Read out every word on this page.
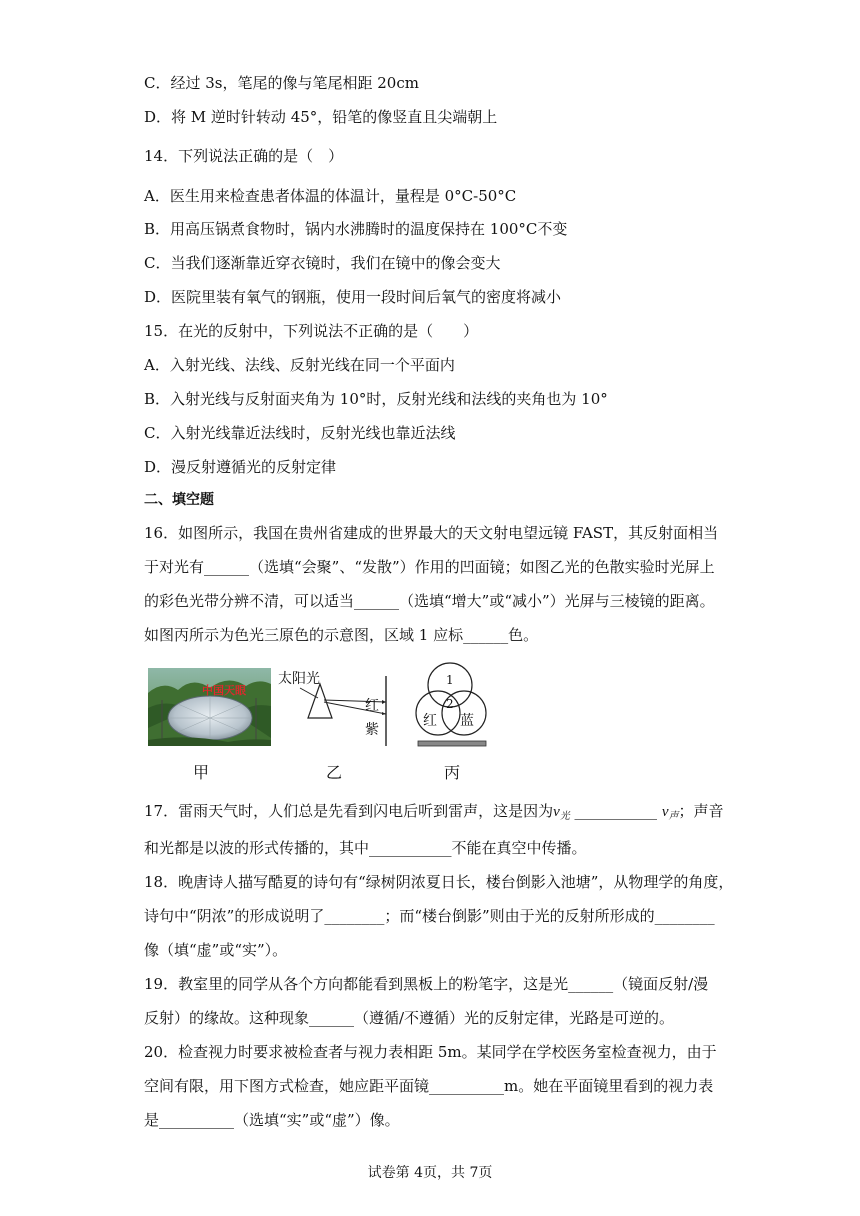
C．经过 3s，笔尾的像与笔尾相距 20cm
D．将 M 逆时针转动 45°，铅笔的像竖直且尖端朝上
14．下列说法正确的是（　）
A．医生用来检查患者体温的体温计，量程是 0°C-50°C
B．用高压锅煮食物时，锅内水沸腾时的温度保持在 100°C不变
C．当我们逐渐靠近穿衣镜时，我们在镜中的像会变大
D．医院里装有氧气的钢瓶，使用一段时间后氧气的密度将减小
15．在光的反射中，下列说法不正确的是（　　）
A．入射光线、法线、反射光线在同一个平面内
B．入射光线与反射面夹角为 10°时，反射光线和法线的夹角也为 10°
C．入射光线靠近法线时，反射光线也靠近法线
D．漫反射遵循光的反射定律
二、填空题
16．如图所示，我国在贵州省建成的世界最大的天文射电望远镜 FAST，其反射面相当
于对光有______（选填“会聚”、“发散”）作用的凹面镜；如图乙光的色散实验时光屏上
的彩色光带分辨不清，可以适当______（选填“增大”或“减小”）光屏与三棱镜的距离。
如图丙所示为色光三原色的示意图，区域 1 应标______色。
中国天眼
太阳光
红
紫
1
2
红 蓝
甲	乙	丙
17．雷雨天气时，人们总是先看到闪电后听到雷声，这是因为$v_光$ ___________ $v_声$；声音
和光都是以波的形式传播的，其中___________不能在真空中传播。
18．晚唐诗人描写酷夏的诗句有“绿树阴浓夏日长，楼台倒影入池塘”，从物理学的角度，
诗句中“阴浓”的形成说明了________；而“楼台倒影”则由于光的反射所形成的________
像（填“虚”或“实”）。
19．教室里的同学从各个方向都能看到黑板上的粉笔字，这是光______（镜面反射/漫
反射）的缘故。这种现象______（遵循/不遵循）光的反射定律，光路是可逆的。
20．检查视力时要求被检查者与视力表相距 5m。某同学在学校医务室检查视力，由于
空间有限，用下图方式检查，她应距平面镜__________m。她在平面镜里看到的视力表
是__________（选填“实”或“虚”）像。
试卷第 4页，共 7页
